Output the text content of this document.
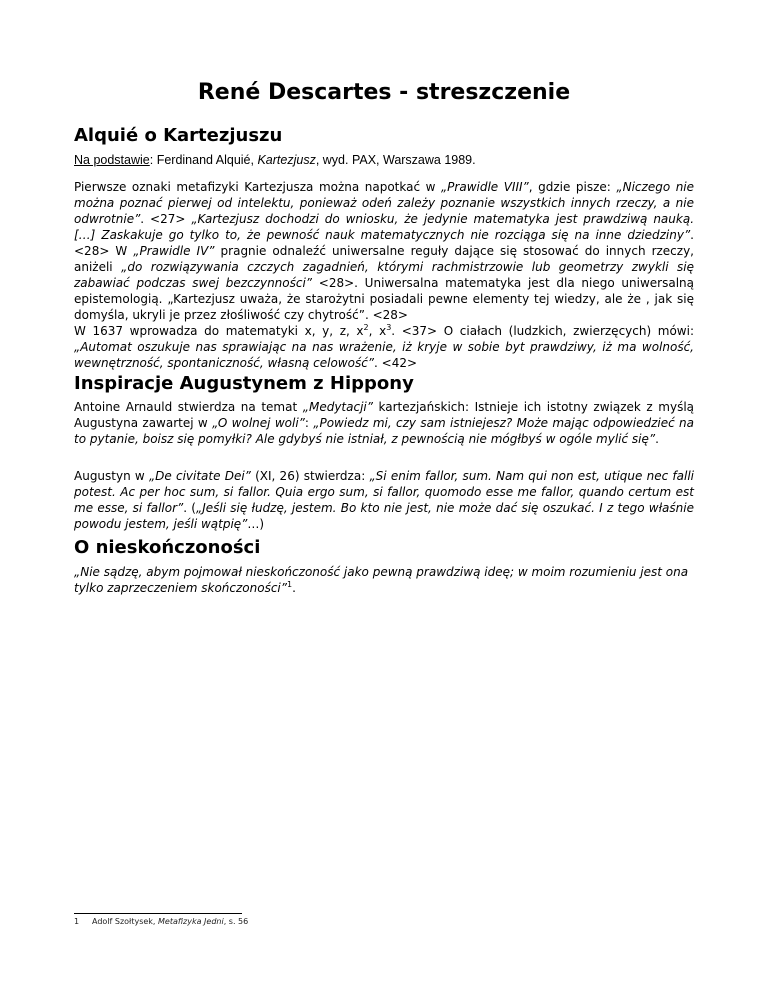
René Descartes - streszczenie
Alquié o Kartezjuszu

Na podstawie: Ferdinand Alquié, Kartezjusz, wyd. PAX, Warszawa 1989.

Pierwsze oznaki metafizyki Kartezjusza można napotkać w „Prawidle VIII”, gdzie pisze: „Niczego nie można poznać pierwej od intelektu, ponieważ odeń zależy poznanie wszystkich innych rzeczy, a nie odwrotnie”. <27> „Kartezjusz dochodzi do wniosku, że jedynie matematyka jest prawdziwą nauką. […] Zaskakuje go tylko to, że pewność nauk matematycznych nie rozciąga się na inne dziedziny”. <28> W „Prawidle IV” pragnie odnaleźć uniwersalne reguły dające się stosować do innych rzeczy, aniżeli „do rozwiązywania czczych zagadnień, którymi rachmistrzowie lub geometrzy zwykli się zabawiać podczas swej bezczynności” <28>. Uniwersalna matematyka jest dla niego uniwersalną epistemologią. „Kartezjusz uważa, że starożytni posiadali pewne elementy tej wiedzy, ale że , jak się domyśla, ukryli je przez złośliwość czy chytrość”. <28>
W 1637 wprowadza do matematyki x, y, z, $x^2$, $x^3$. <37> O ciałach (ludzkich, zwierzęcych) mówi: „Automat oszukuje nas sprawiając na nas wrażenie, iż kryje w sobie byt prawdziwy, iż ma wolność, wewnętrzność, spontaniczność, własną celowość”. <42>

Inspiracje Augustynem z Hippony

Antoine Arnauld stwierdza na temat „Medytacji” kartezjańskich: Istnieje ich istotny związek z myślą Augustyna zawartej w „O wolnej woli”: „Powiedz mi, czy sam istniejesz? Może mając odpowiedzieć na to pytanie, boisz się pomyłki? Ale gdybyś nie istniał, z pewnością nie mógłbyś w ogóle mylić się”.

Augustyn w „De civitate Dei” (XI, 26) stwierdza: „Si enim fallor, sum. Nam qui non est, utique nec falli potest. Ac per hoc sum, si fallor. Quia ergo sum, si fallor, quomodo esse me fallor, quando certum est me esse, si fallor”. („Jeśli się łudzę, jestem. Bo kto nie jest, nie może dać się oszukać. I z tego właśnie powodu jestem, jeśli wątpię”…)

O nieskończoności

„Nie sądzę, abym pojmował nieskończoność jako pewną prawdziwą ideę; w moim rozumieniu jest ona tylko zaprzeczeniem skończoności”$^1$.

1 Adolf Szołtysek, Metafizyka Jedni, s. 56
